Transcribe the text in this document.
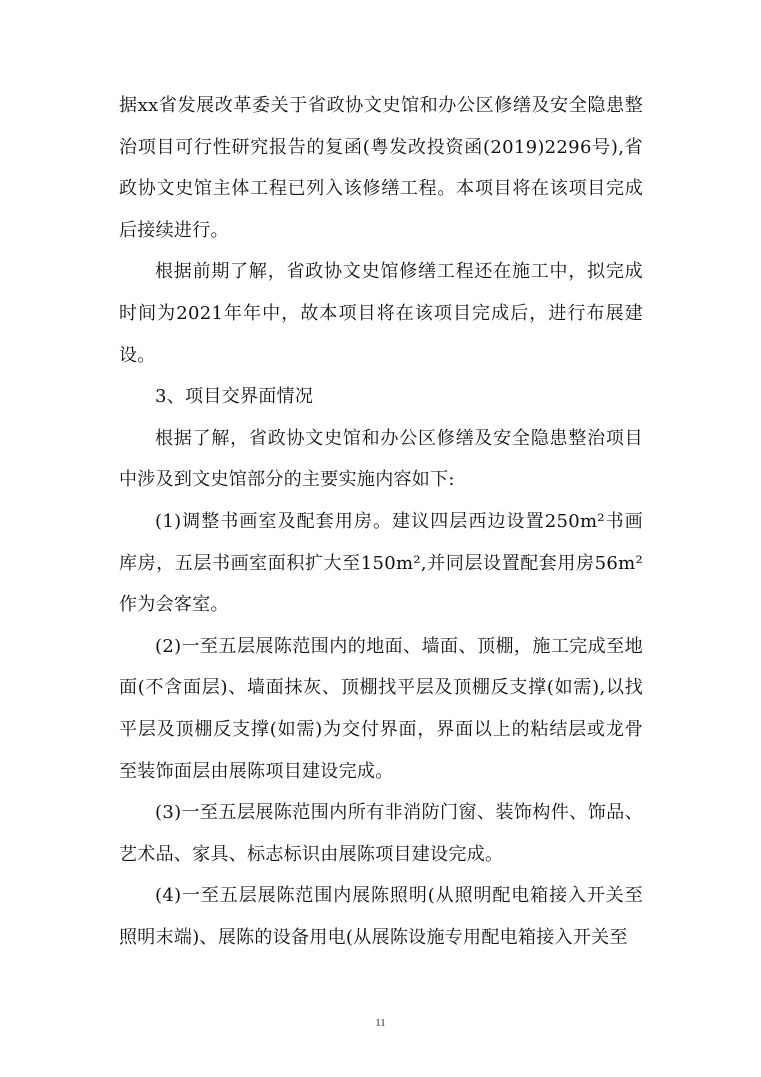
据xx省发展改革委关于省政协文史馆和办公区修缮及安全隐患整治项目可行性研究报告的复函(粤发改投资函(2019)2296号),省政协文史馆主体工程已列入该修缮工程。本项目将在该项目完成后接续进行。

根据前期了解，省政协文史馆修缮工程还在施工中，拟完成时间为2021年年中，故本项目将在该项目完成后，进行布展建设。

3、项目交界面情况

根据了解，省政协文史馆和办公区修缮及安全隐患整治项目中涉及到文史馆部分的主要实施内容如下:

(1)调整书画室及配套用房。建议四层西边设置250m²书画库房，五层书画室面积扩大至150m²,并同层设置配套用房56m²作为会客室。

(2)一至五层展陈范围内的地面、墙面、顶棚，施工完成至地面(不含面层)、墙面抹灰、顶棚找平层及顶棚反支撑(如需),以找平层及顶棚反支撑(如需)为交付界面，界面以上的粘结层或龙骨至装饰面层由展陈项目建设完成。

(3)一至五层展陈范围内所有非消防门窗、装饰构件、饰品、艺术品、家具、标志标识由展陈项目建设完成。

(4)一至五层展陈范围内展陈照明(从照明配电箱接入开关至照明末端)、展陈的设备用电(从展陈设施专用配电箱接入开关至

11
